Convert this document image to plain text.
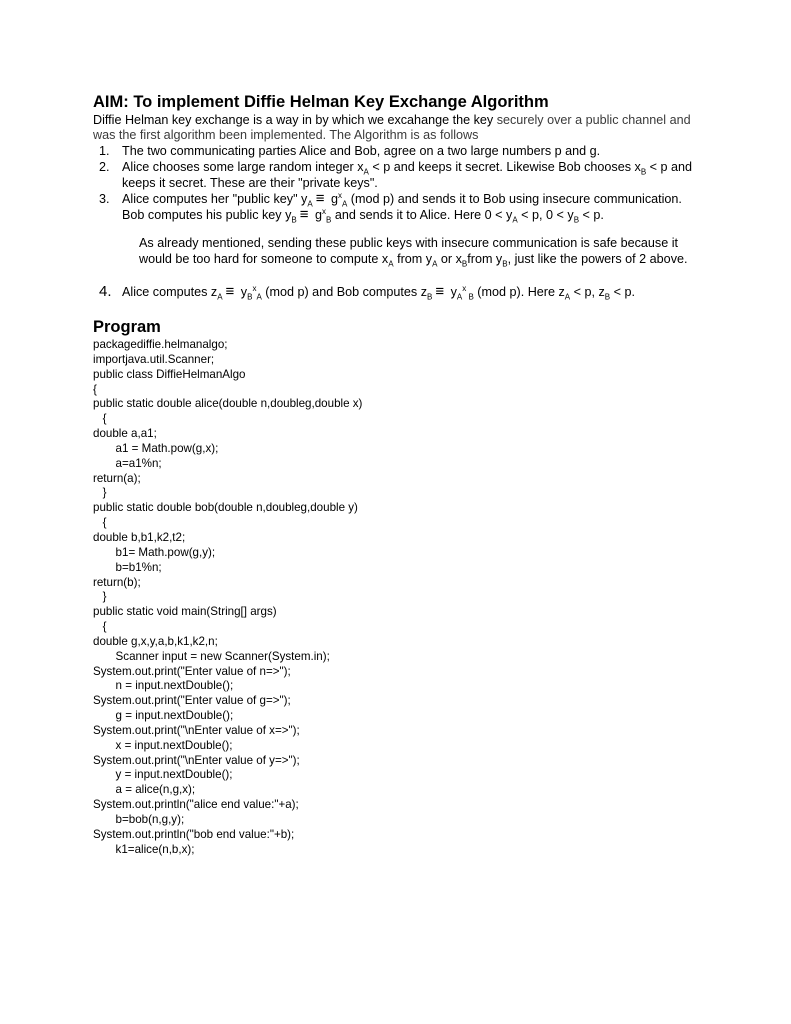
AIM: To implement Diffie Helman Key Exchange Algorithm

Diffie Helman key exchange is a way in by which we excahange the key securely over a public channel and was the first algorithm been implemented. The Algorithm is as follows

1. The two communicating parties Alice and Bob, agree on a two large numbers p and g.
2. Alice chooses some large random integer $x_A < p$ and keeps it secret. Likewise Bob chooses $x_B < p$ and keeps it secret. These are their "private keys".
3. Alice computes her "public key" $y_A \equiv g^x_A$ (mod p) and sends it to Bob using insecure communication. Bob computes his public key $y_B \equiv g^x_B$ and sends it to Alice. Here $0 < y_A < p$, $0 < y_B < p$.

As already mentioned, sending these public keys with insecure communication is safe because it would be too hard for someone to compute $x_A$ from $y_A$ or $x_Bfrom$ $y_B$, just like the powers of 2 above.

4. Alice computes $z_A \equiv y_B^x_A$ (mod p) and Bob computes $z_B \equiv y_A^x$ $_B$ (mod p). Here $z_A < p$, $z_B < p$.
Program
packagediffie.helmanalgo;
importjava.util.Scanner;
public class DiffieHelmanAlgo
{
public static double alice(double n,doubleg,double x)
{
double a,a1;
a1 = Math.pow(g,x);
a=a1%n;
return(a);
}
public static double bob(double n,doubleg,double y)
{
double b,b1,k2,t2;
b1= Math.pow(g,y);
b=b1%n;
return(b);
}
public static void main(String[] args)
{
double g,x,y,a,b,k1,k2,n;
Scanner input = new Scanner(System.in);
System.out.print("Enter value of n=>");
n = input.nextDouble();
System.out.print("Enter value of g=>");
g = input.nextDouble();
System.out.print("\nEnter value of x=>");
x = input.nextDouble();
System.out.print("\nEnter value of y=>");
y = input.nextDouble();
a = alice(n,g,x);
System.out.println("alice end value:"+a);
b=bob(n,g,y);
System.out.println("bob end value:"+b);
k1=alice(n,b,x);
